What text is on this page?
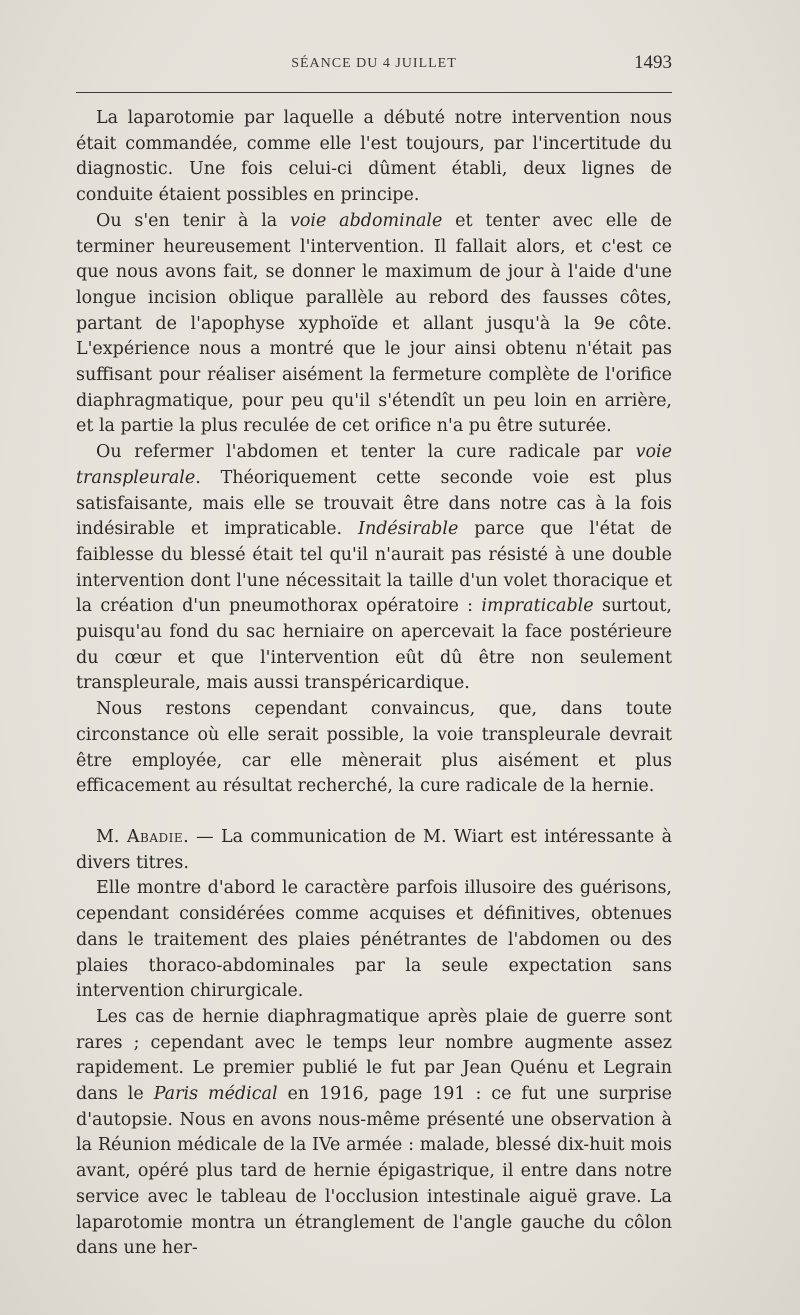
SÉANCE DU 4 JUILLET	1493

La laparotomie par laquelle a débuté notre intervention nous était commandée, comme elle l'est toujours, par l'incertitude du diagnostic. Une fois celui-ci dûment établi, deux lignes de conduite étaient possibles en principe.

Ou s'en tenir à la voie abdominale et tenter avec elle de terminer heureusement l'intervention. Il fallait alors, et c'est ce que nous avons fait, se donner le maximum de jour à l'aide d'une longue incision oblique parallèle au rebord des fausses côtes, partant de l'apophyse xyphoïde et allant jusqu'à la 9e côte. L'expérience nous a montré que le jour ainsi obtenu n'était pas suffisant pour réaliser aisément la fermeture complète de l'orifice diaphragmatique, pour peu qu'il s'étendît un peu loin en arrière, et la partie la plus reculée de cet orifice n'a pu être suturée.

Ou refermer l'abdomen et tenter la cure radicale par voie transpleurale. Théoriquement cette seconde voie est plus satisfaisante, mais elle se trouvait être dans notre cas à la fois indésirable et impraticable. Indésirable parce que l'état de faiblesse du blessé était tel qu'il n'aurait pas résisté à une double intervention dont l'une nécessitait la taille d'un volet thoracique et la création d'un pneumothorax opératoire : impraticable surtout, puisqu'au fond du sac herniaire on apercevait la face postérieure du cœur et que l'intervention eût dû être non seulement transpleurale, mais aussi transpéricardique.

Nous restons cependant convaincus, que, dans toute circonstance où elle serait possible, la voie transpleurale devrait être employée, car elle mènerait plus aisément et plus efficacement au résultat recherché, la cure radicale de la hernie.

M. Abadie. — La communication de M. Wiart est intéressante à divers titres.

Elle montre d'abord le caractère parfois illusoire des guérisons, cependant considérées comme acquises et définitives, obtenues dans le traitement des plaies pénétrantes de l'abdomen ou des plaies thoraco-abdominales par la seule expectation sans intervention chirurgicale.

Les cas de hernie diaphragmatique après plaie de guerre sont rares ; cependant avec le temps leur nombre augmente assez rapidement. Le premier publié le fut par Jean Quénu et Legrain dans le Paris médical en 1916, page 191 : ce fut une surprise d'autopsie. Nous en avons nous-même présenté une observation à la Réunion médicale de la IVe armée : malade, blessé dix-huit mois avant, opéré plus tard de hernie épigastrique, il entre dans notre service avec le tableau de l'occlusion intestinale aiguë grave. La laparotomie montra un étranglement de l'angle gauche du côlon dans une her-
